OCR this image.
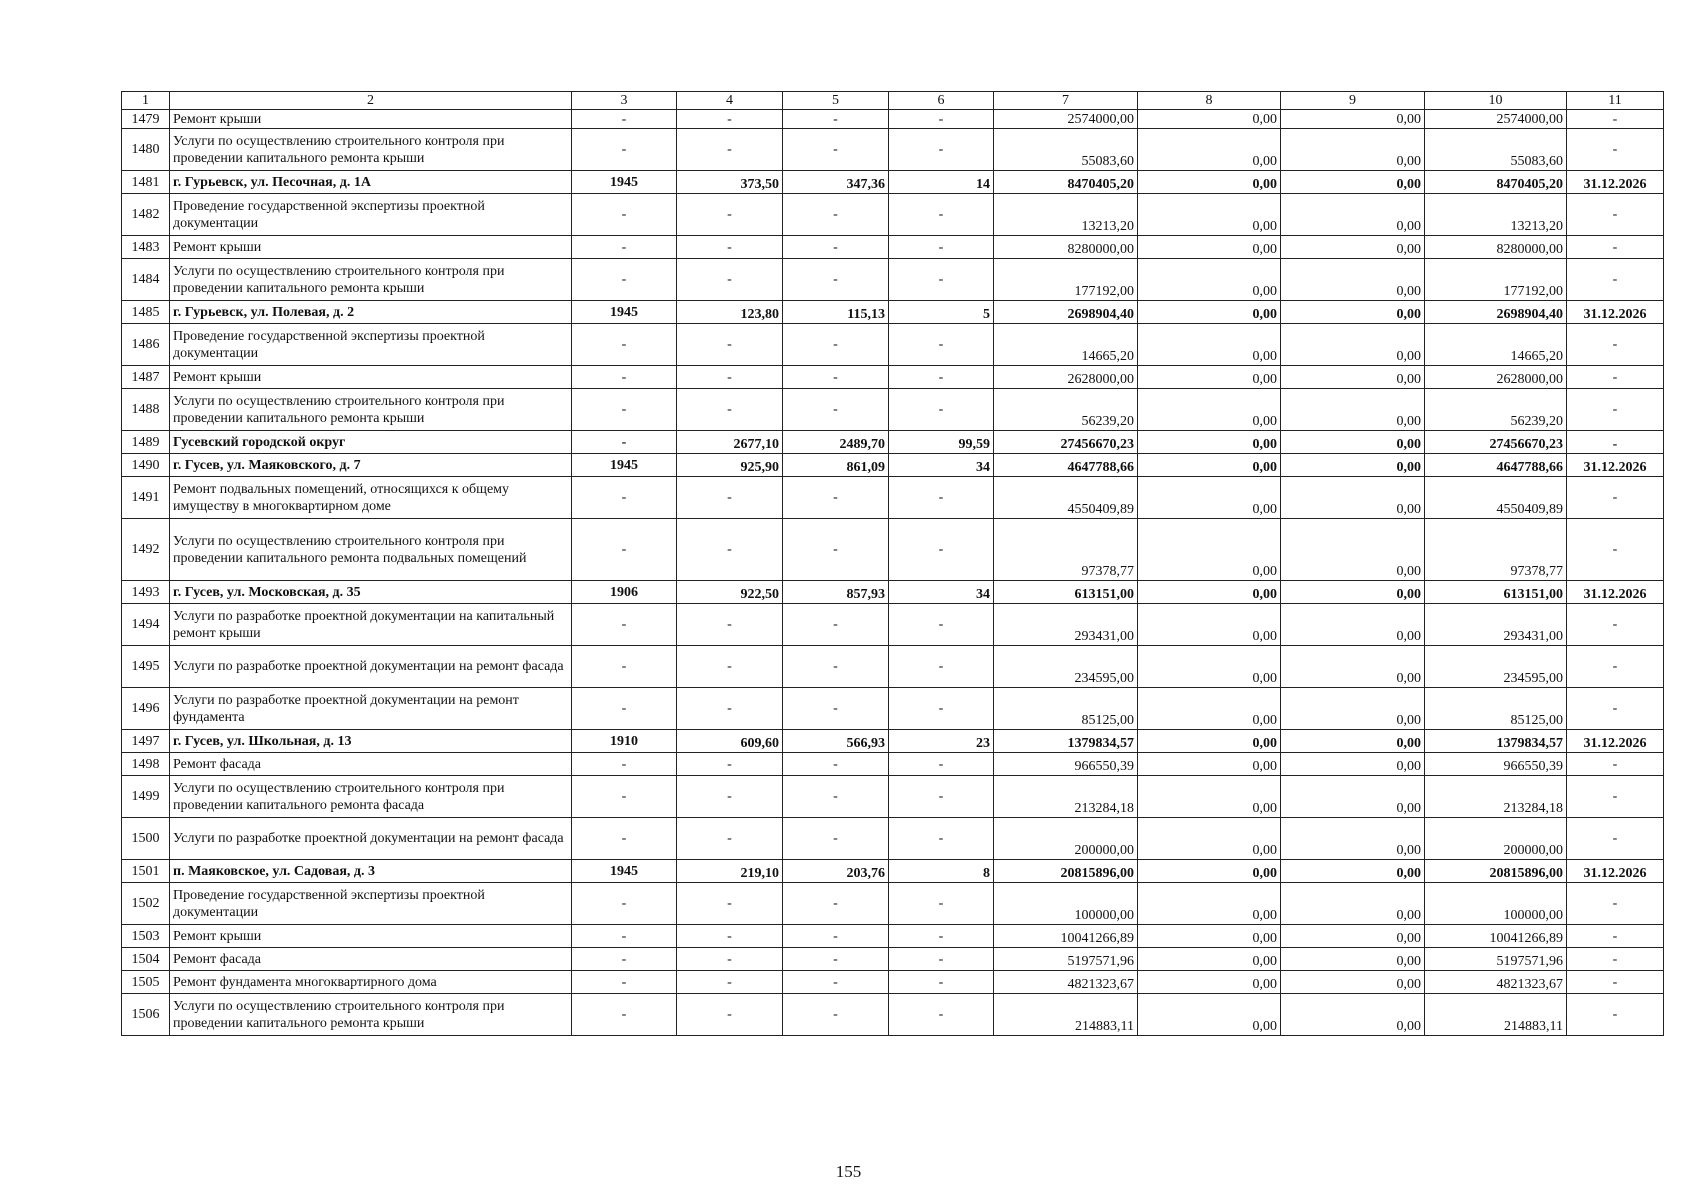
1	2	3	4	5	6	7	8	9	10	11
1479	Ремонт крыши	-	-	-	-	2574000,00	0,00	0,00	2574000,00	-
1480	Услуги по осуществлению строительного контроля при проведении капитального ремонта крыши	-	-	-	-	55083,60	0,00	0,00	55083,60	-
1481	г. Гурьевск, ул. Песочная, д. 1А	1945	373,50	347,36	14	8470405,20	0,00	0,00	8470405,20	31.12.2026
1482	Проведение государственной экспертизы проектной документации	-	-	-	-	13213,20	0,00	0,00	13213,20	-
1483	Ремонт крыши	-	-	-	-	8280000,00	0,00	0,00	8280000,00	-
1484	Услуги по осуществлению строительного контроля при проведении капитального ремонта крыши	-	-	-	-	177192,00	0,00	0,00	177192,00	-
1485	г. Гурьевск, ул. Полевая, д. 2	1945	123,80	115,13	5	2698904,40	0,00	0,00	2698904,40	31.12.2026
1486	Проведение государственной экспертизы проектной документации	-	-	-	-	14665,20	0,00	0,00	14665,20	-
1487	Ремонт крыши	-	-	-	-	2628000,00	0,00	0,00	2628000,00	-
1488	Услуги по осуществлению строительного контроля при проведении капитального ремонта крыши	-	-	-	-	56239,20	0,00	0,00	56239,20	-
1489	Гусевский городской округ	-	2677,10	2489,70	99,59	27456670,23	0,00	0,00	27456670,23	-
1490	г. Гусев, ул. Маяковского, д. 7	1945	925,90	861,09	34	4647788,66	0,00	0,00	4647788,66	31.12.2026
1491	Ремонт подвальных помещений, относящихся к общему имуществу в многоквартирном доме	-	-	-	-	4550409,89	0,00	0,00	4550409,89	-
1492	Услуги по осуществлению строительного контроля при проведении капитального ремонта подвальных помещений	-	-	-	-	97378,77	0,00	0,00	97378,77	-
1493	г. Гусев, ул. Московская, д. 35	1906	922,50	857,93	34	613151,00	0,00	0,00	613151,00	31.12.2026
1494	Услуги по разработке проектной документации на капитальный ремонт крыши	-	-	-	-	293431,00	0,00	0,00	293431,00	-
1495	Услуги по разработке проектной документации на ремонт фасада	-	-	-	-	234595,00	0,00	0,00	234595,00	-
1496	Услуги по разработке проектной документации на ремонт фундамента	-	-	-	-	85125,00	0,00	0,00	85125,00	-
1497	г. Гусев, ул. Школьная, д. 13	1910	609,60	566,93	23	1379834,57	0,00	0,00	1379834,57	31.12.2026
1498	Ремонт фасада	-	-	-	-	966550,39	0,00	0,00	966550,39	-
1499	Услуги по осуществлению строительного контроля при проведении капитального ремонта фасада	-	-	-	-	213284,18	0,00	0,00	213284,18	-
1500	Услуги по разработке проектной документации на ремонт фасада	-	-	-	-	200000,00	0,00	0,00	200000,00	-
1501	п. Маяковское, ул. Садовая, д. 3	1945	219,10	203,76	8	20815896,00	0,00	0,00	20815896,00	31.12.2026
1502	Проведение государственной экспертизы проектной документации	-	-	-	-	100000,00	0,00	0,00	100000,00	-
1503	Ремонт крыши	-	-	-	-	10041266,89	0,00	0,00	10041266,89	-
1504	Ремонт фасада	-	-	-	-	5197571,96	0,00	0,00	5197571,96	-
1505	Ремонт фундамента многоквартирного дома	-	-	-	-	4821323,67	0,00	0,00	4821323,67	-
1506	Услуги по осуществлению строительного контроля при проведении капитального ремонта крыши	-	-	-	-	214883,11	0,00	0,00	214883,11	-
155
